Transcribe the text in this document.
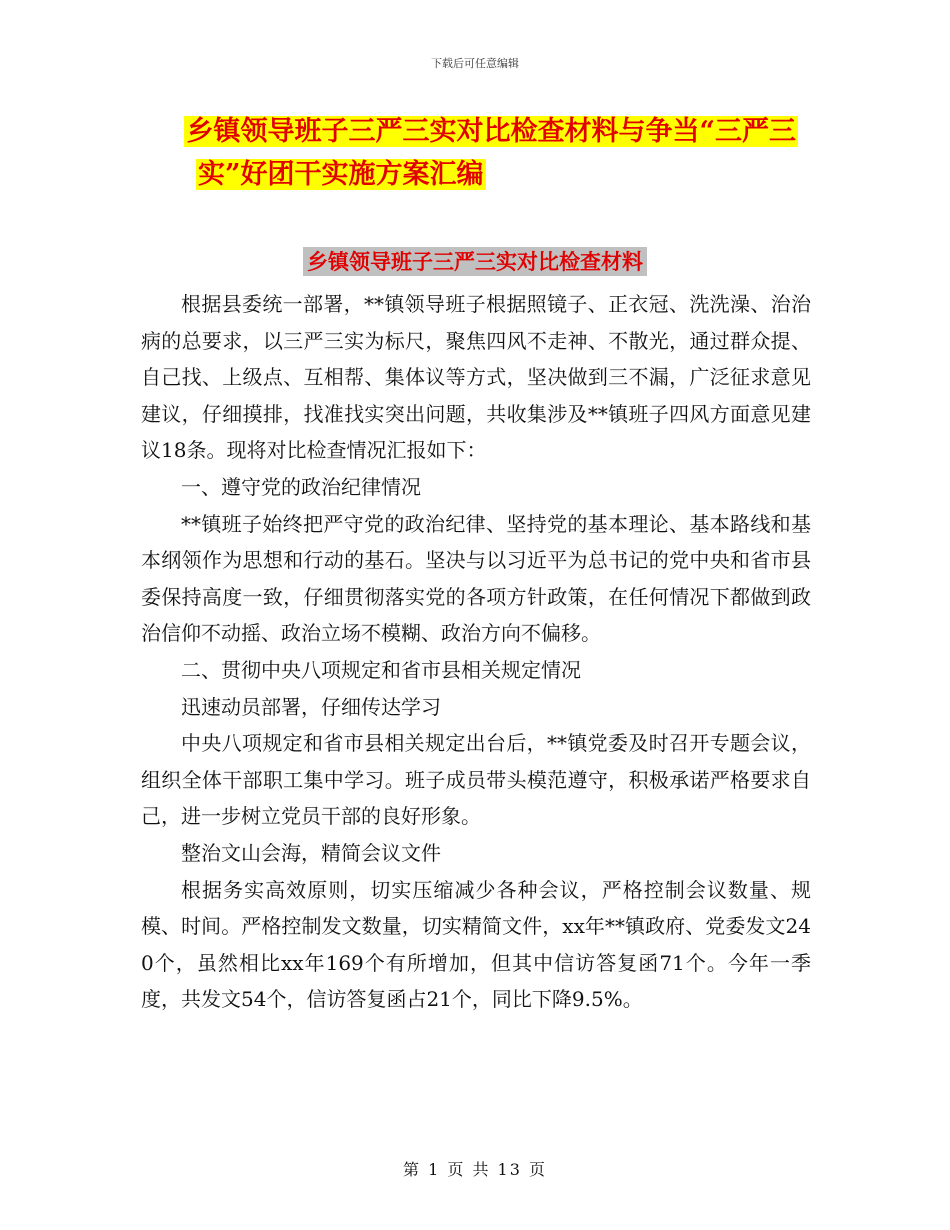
下载后可任意编辑
乡镇领导班子三严三实对比检查材料与争当“三严三
实”好团干实施方案汇编
乡镇领导班子三严三实对比检查材料

根据县委统一部署，**镇领导班子根据照镜子、正衣冠、洗洗澡、治治病的总要求，以三严三实为标尺，聚焦四风不走神、不散光，通过群众提、自己找、上级点、互相帮、集体议等方式，坚决做到三不漏，广泛征求意见建议，仔细摸排，找准找实突出问题，共收集涉及**镇班子四风方面意见建议18条。现将对比检查情况汇报如下：

一、遵守党的政治纪律情况

**镇班子始终把严守党的政治纪律、坚持党的基本理论、基本路线和基本纲领作为思想和行动的基石。坚决与以习近平为总书记的党中央和省市县委保持高度一致，仔细贯彻落实党的各项方针政策，在任何情况下都做到政治信仰不动摇、政治立场不模糊、政治方向不偏移。

二、贯彻中央八项规定和省市县相关规定情况

迅速动员部署，仔细传达学习

中央八项规定和省市县相关规定出台后，**镇党委及时召开专题会议，组织全体干部职工集中学习。班子成员带头模范遵守，积极承诺严格要求自己，进一步树立党员干部的良好形象。

整治文山会海，精简会议文件

根据务实高效原则，切实压缩减少各种会议，严格控制会议数量、规模、时间。严格控制发文数量，切实精简文件，xx年**镇政府、党委发文240个，虽然相比xx年169个有所增加，但其中信访答复函71个。今年一季度，共发文54个，信访答复函占21个，同比下降9.5%。

第 1 页 共 13 页
